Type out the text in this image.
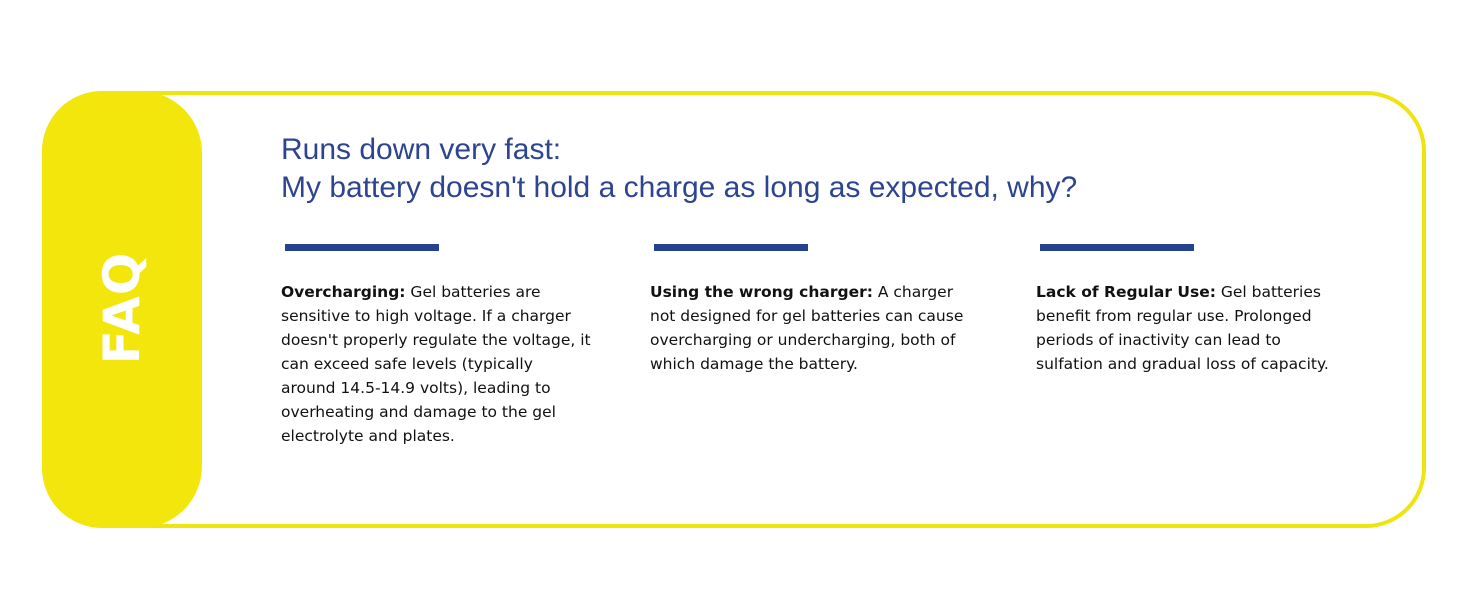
FAQ
Runs down very fast:
My battery doesn't hold a charge as long as expected, why?
Overcharging: Gel batteries are sensitive to high voltage. If a charger doesn't properly regulate the voltage, it can exceed safe levels (typically around 14.5-14.9 volts), leading to overheating and damage to the gel electrolyte and plates.
Using the wrong charger: A charger not designed for gel batteries can cause overcharging or undercharging, both of which damage the battery.
Lack of Regular Use: Gel batteries benefit from regular use. Prolonged periods of inactivity can lead to sulfation and gradual loss of capacity.
